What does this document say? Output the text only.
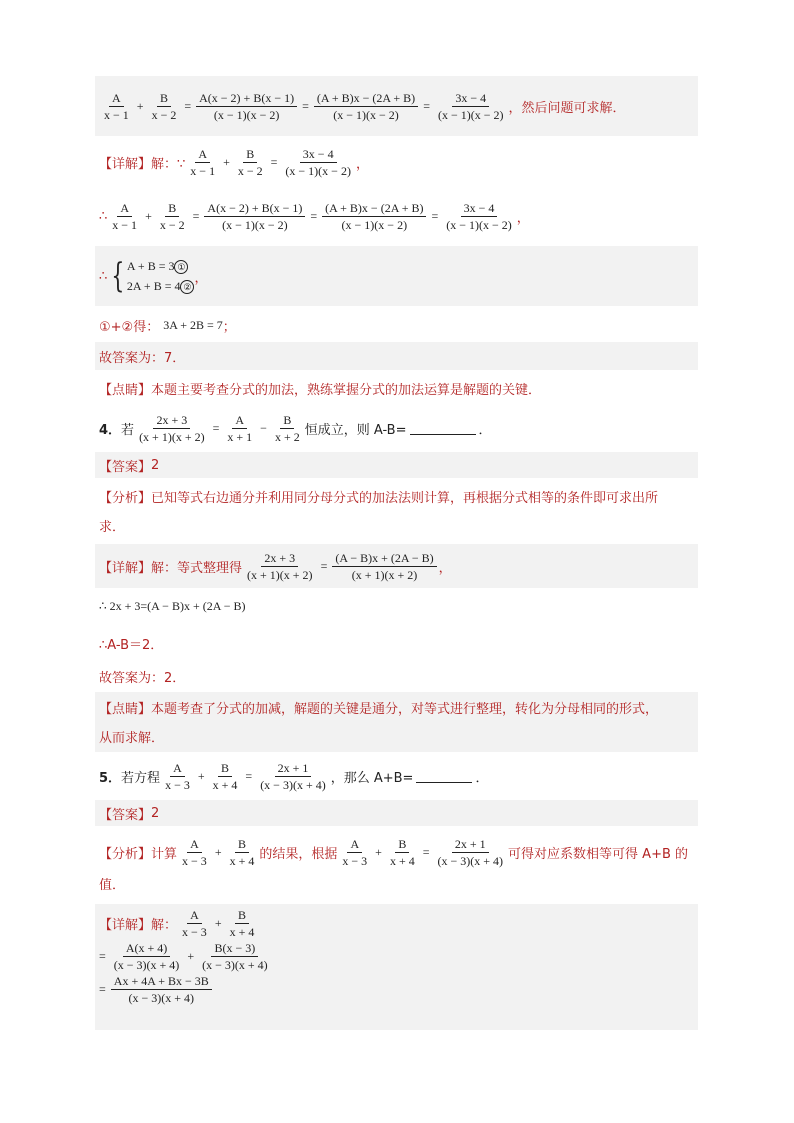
$\frac{A}{x - 1} + \frac{B}{x - 2} = \frac{A(x - 2) + B(x - 1)}{(x - 1)(x - 2)} = \frac{(A + B)x - (2A + B)}{(x - 1)(x - 2)} = \frac{3x - 4}{(x - 1)(x - 2)}$ ，然后问题可求解．
【详解】 解：∵ $\frac{A}{x - 1} + \frac{B}{x - 2} = \frac{3x - 4}{(x - 1)(x - 2)}$ ，
∴ $\frac{A}{x - 1} + \frac{B}{x - 2} = \frac{A(x - 2) + B(x - 1)}{(x - 1)(x - 2)} = \frac{(A + B)x - (2A + B)}{(x - 1)(x - 2)} = \frac{3x - 4}{(x - 1)(x - 2)}$ ，
∴ { A + B = 3 ①
2A + B = 4 ②
，
①+②得： 3A + 2B = 7 ；
故答案为：7．
【点睛】 本题主要考查分式的加法，熟练掌握分式的加法运算是解题的关键．
4． 若 $\frac{2x + 3}{(x + 1)(x + 2)} = \frac{A}{x + 1} - \frac{B}{x + 2}$ 恒成立，则 A-B=	．
【答案】 2
【分析】已知等式右边通分并利用同分母分式的加法法则计算，再根据分式相等的条件即可求出所
求．
【详解】 解：等式整理得 $\frac{2x + 3}{(x + 1)(x + 2)} = \frac{(A - B)x + (2A - B)}{(x + 1)(x + 2)}$ ，
∴ 2x + 3=(A − B)x + (2A − B)
∴A-B＝2．
故答案为：2．
【点睛】本题考查了分式的加减，解题的关键是通分，对等式进行整理，转化为分母相同的形式，
从而求解．
5． 若方程 $\frac{A}{x - 3} + \frac{B}{x + 4} = \frac{2x + 1}{(x - 3)(x + 4)}$ ，那么 A+B=	．
【答案】 2
【分析】 计算 $\frac{A}{x - 3} + \frac{B}{x + 4}$ 的结果，根据 $\frac{A}{x - 3} + \frac{B}{x + 4} = \frac{2x + 1}{(x - 3)(x + 4)}$ 可得对应系数相等可得 A+B 的
值．
【详解】 解： $\frac{A}{x - 3} + \frac{B}{x + 4}$
= $\frac{A(x + 4)}{(x - 3)(x + 4)} + \frac{B(x - 3)}{(x - 3)(x + 4)}$
= $\frac{Ax + 4A + Bx - 3B}{(x - 3)(x + 4)}$
